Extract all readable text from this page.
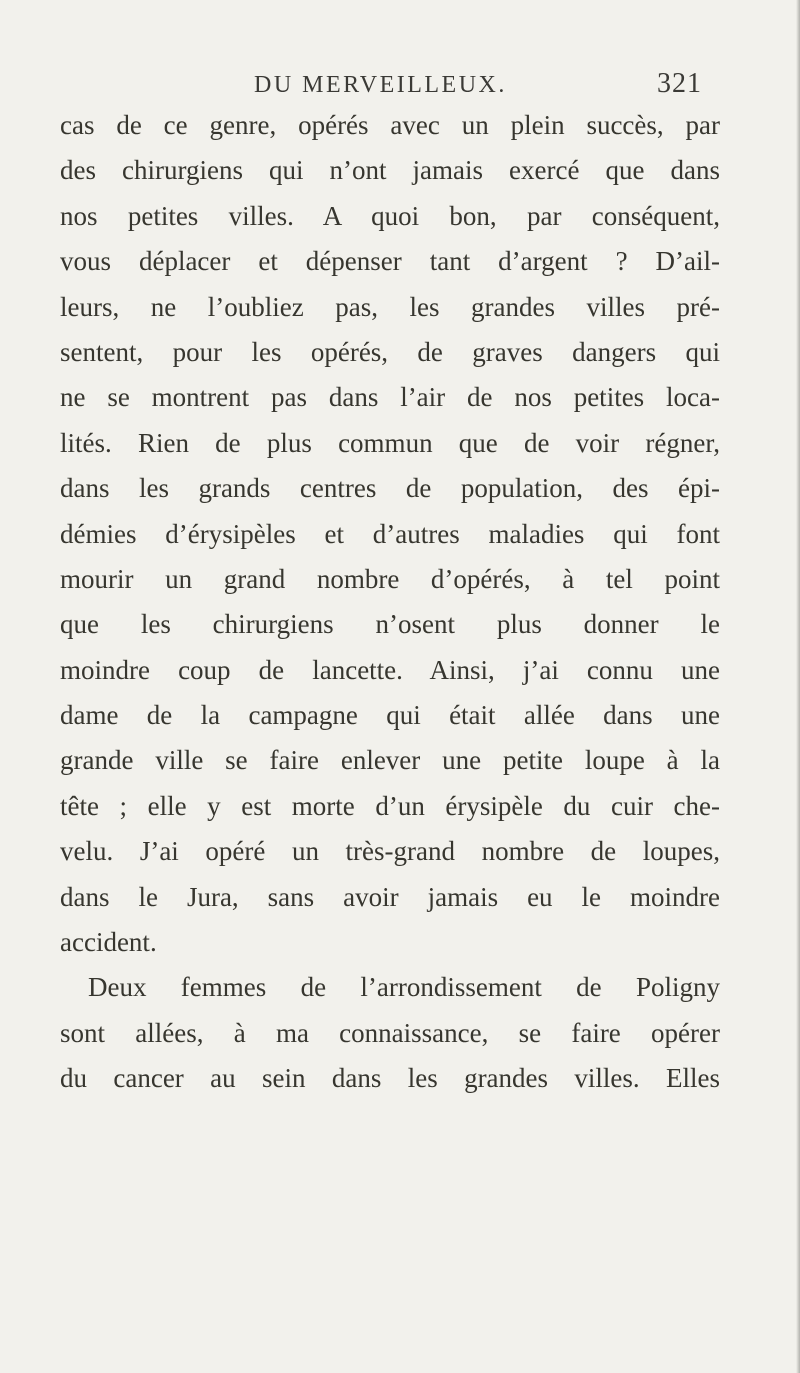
DU MERVEILLEUX.	321
cas de ce genre, opérés avec un plein succès, par
des chirurgiens qui n’ont jamais exercé que dans
nos petites villes. A quoi bon, par conséquent,
vous déplacer et dépenser tant d’argent ? D’ail-
leurs, ne l’oubliez pas, les grandes villes pré-
sentent, pour les opérés, de graves dangers qui
ne se montrent pas dans l’air de nos petites loca-
lités. Rien de plus commun que de voir régner,
dans les grands centres de population, des épi-
démies d’érysipèles et d’autres maladies qui font
mourir un grand nombre d’opérés, à tel point
que les chirurgiens n’osent plus donner le
moindre coup de lancette. Ainsi, j’ai connu une
dame de la campagne qui était allée dans une
grande ville se faire enlever une petite loupe à la
tête ; elle y est morte d’un érysipèle du cuir che-
velu. J’ai opéré un très-grand nombre de loupes,
dans le Jura, sans avoir jamais eu le moindre
accident.
Deux femmes de l’arrondissement de Poligny
sont allées, à ma connaissance, se faire opérer
du cancer au sein dans les grandes villes. Elles
